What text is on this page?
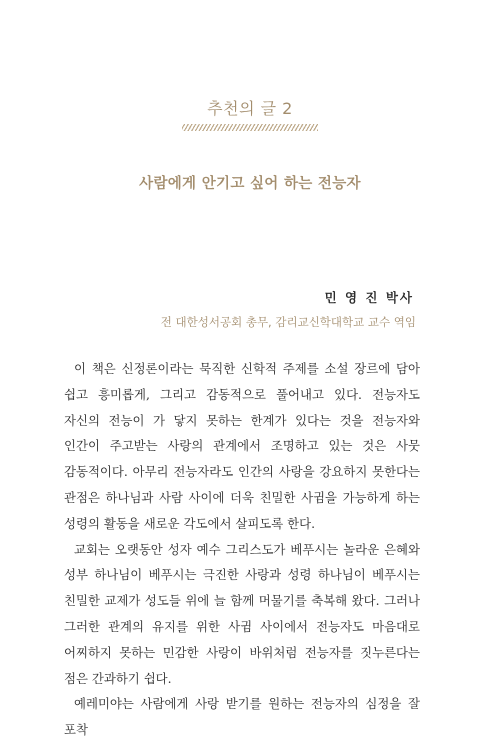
추천의 글 2
사람에게 안기고 싶어 하는 전능자
민 영 진 박사
전 대한성서공회 총무, 감리교신학대학교 교수 역임

이 책은 신정론이라는 묵직한 신학적 주제를 소설 장르에 담아 쉽고 흥미롭게, 그리고 감동적으로 풀어내고 있다. 전능자도 자신의 전능이 가 닿지 못하는 한계가 있다는 것을 전능자와 인간이 주고받는 사랑의 관계에서 조명하고 있는 것은 사뭇 감동적이다. 아무리 전능자라도 인간의 사랑을 강요하지 못한다는 관점은 하나님과 사람 사이에 더욱 친밀한 사귐을 가능하게 하는 성령의 활동을 새로운 각도에서 살피도록 한다.

교회는 오랫동안 성자 예수 그리스도가 베푸시는 놀라운 은혜와 성부 하나님이 베푸시는 극진한 사랑과 성령 하나님이 베푸시는 친밀한 교제가 성도들 위에 늘 함께 머물기를 축복해 왔다. 그러나 그러한 관계의 유지를 위한 사귐 사이에서 전능자도 마음대로 어찌하지 못하는 민감한 사랑이 바위처럼 전능자를 짓누른다는 점은 간과하기 쉽다.

예레미야는 사람에게 사랑 받기를 원하는 전능자의 심정을 잘 포착
